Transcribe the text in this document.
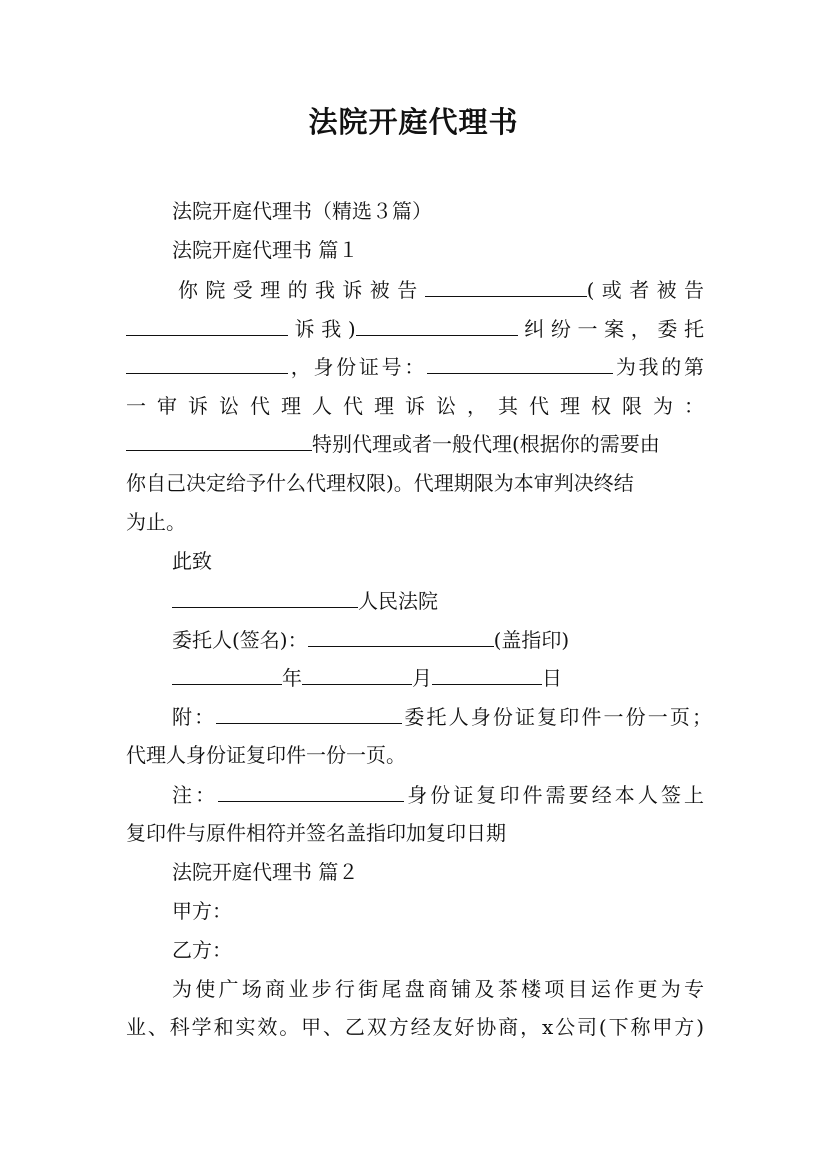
法院开庭代理书
法院开庭代理书（精选３篇）
法院开庭代理书 篇１
你院受理的我诉被告	(或者被告
诉我)	纠纷一案，委托
，身份证号：	为我的第
一审诉讼代理人代理诉讼，其代理权限为：
特别代理或者一般代理(根据你的需要由
你自己决定给予什么代理权限)。代理期限为本审判决终结
为止。
此致
人民法院
委托人(签名)：	(盖指印)
年	月	日
附：	委托人身份证复印件一份一页；
代理人身份证复印件一份一页。
注：	身份证复印件需要经本人签上
复印件与原件相符并签名盖指印加复印日期
法院开庭代理书 篇２
甲方：
乙方：
为使广场商业步行街尾盘商铺及茶楼项目运作更为专
业、科学和实效。甲、乙双方经友好协商，x公司(下称甲方)
